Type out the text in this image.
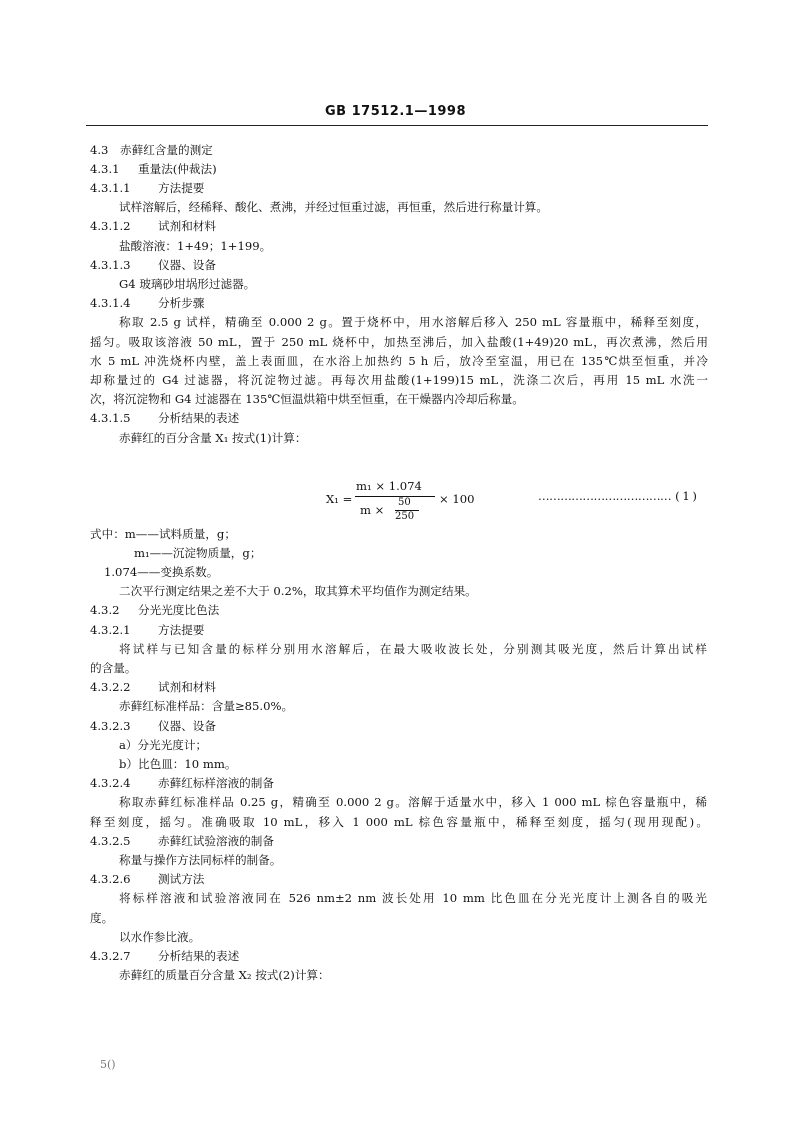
GB 17512.1—1998
4.3 赤藓红含量的测定
4.3.1 重量法(仲裁法)
4.3.1.1 方法提要
试样溶解后，经稀释、酸化、煮沸，并经过恒重过滤，再恒重，然后进行称量计算。
4.3.1.2 试剂和材料
盐酸溶液：1+49；1+199。
4.3.1.3 仪器、设备
G4 玻璃砂坩埚形过滤器。
4.3.1.4 分析步骤
称取 2.5 g 试样，精确至 0.000 2 g。置于烧杯中，用水溶解后移入 250 mL 容量瓶中，稀释至刻度，
摇匀。吸取该溶液 50 mL，置于 250 mL 烧杯中，加热至沸后，加入盐酸(1+49)20 mL，再次煮沸，然后用
水 5 mL 冲洗烧杯内壁，盖上表面皿，在水浴上加热约 5 h 后，放冷至室温，用已在 135℃烘至恒重，并冷
却称量过的 G4 过滤器，将沉淀物过滤。再每次用盐酸(1+199)15 mL，洗涤二次后，再用 15 mL 水洗一
次，将沉淀物和 G4 过滤器在 135℃恒温烘箱中烘至恒重，在干燥器内冷却后称量。
4.3.1.5 分析结果的表述
赤藓红的百分含量 X₁ 按式(1)计算：
式中：m——试料质量，g；
m₁——沉淀物质量，g；
1.074——变换系数。
二次平行测定结果之差不大于 0.2%，取其算术平均值作为测定结果。
4.3.2 分光光度比色法
4.3.2.1 方法提要
将试样与已知含量的标样分别用水溶解后，在最大吸收波长处，分别测其吸光度，然后计算出试样
的含量。
4.3.2.2 试剂和材料
赤藓红标准样品：含量≥85.0%。
4.3.2.3 仪器、设备
a）分光光度计；
b）比色皿：10 mm。
4.3.2.4 赤藓红标样溶液的制备
称取赤藓红标准样品 0.25 g，精确至 0.000 2 g。溶解于适量水中，移入 1 000 mL 棕色容量瓶中，稀
释至刻度，摇匀。准确吸取 10 mL，移入 1 000 mL 棕色容量瓶中，稀释至刻度，摇匀(现用现配)。
4.3.2.5 赤藓红试验溶液的制备
称量与操作方法同标样的制备。
4.3.2.6 测试方法
将标样溶液和试验溶液同在 526 nm±2 nm 波长处用 10 mm 比色皿在分光光度计上测各自的吸光
度。
以水作参比液。
4.3.2.7 分析结果的表述
赤藓红的质量百分含量 X₂ 按式(2)计算：
X₁ =
m₁ × 1.074
m ×
50
250
× 100	……………………………… ( 1 )
5()
